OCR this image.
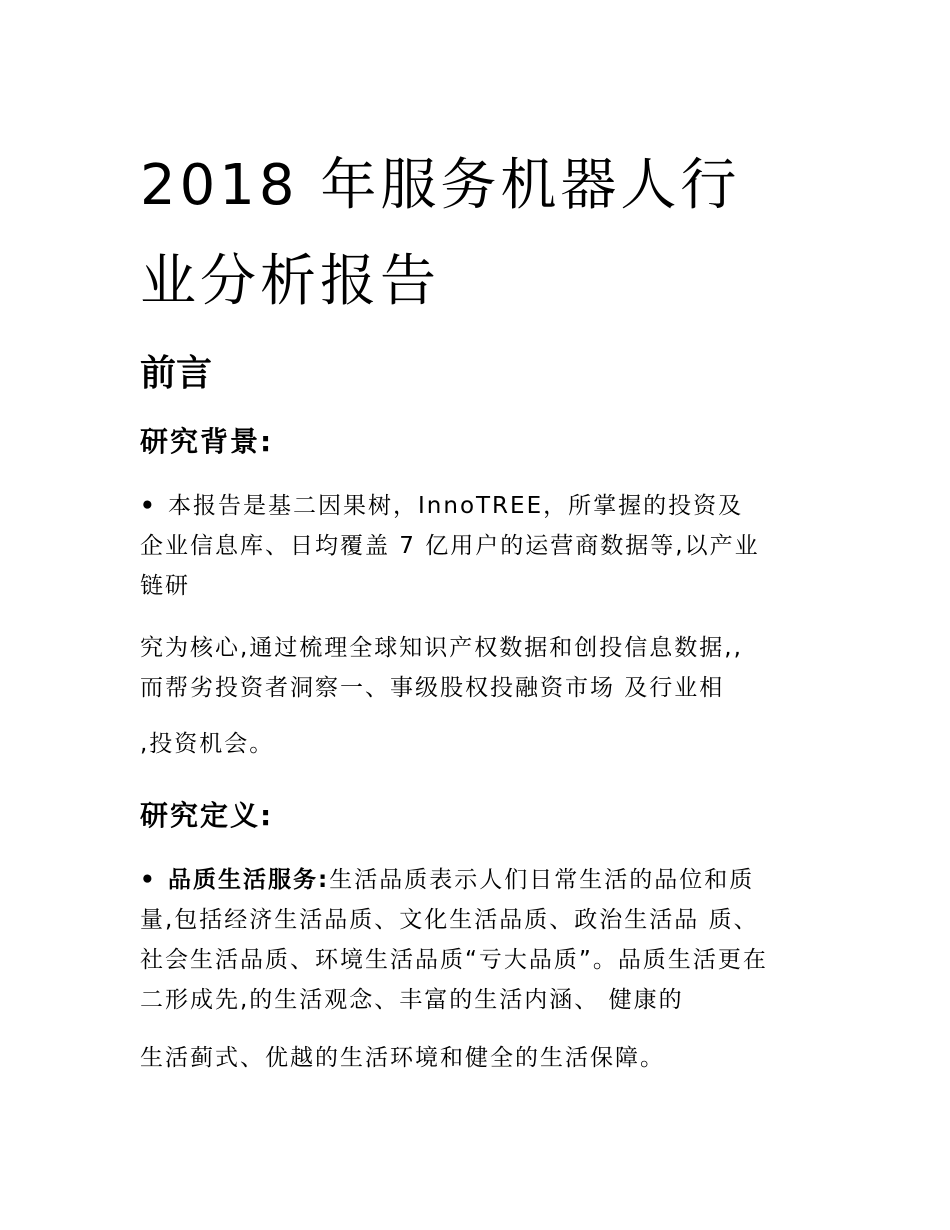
2018 年服务机器人行
业分析报告
前言
研究背景:

• 本报告是基二因果树，InnoTREE，所掌握的投资及
企业信息库、日均覆盖 7 亿用户的运营商数据等,以产业
链研

究为核心,通过梳理全球知识产权数据和创投信息数据,,
而帮劣投资者洞察一、事级股权投融资市场 及行业相

,投资机会。

研究定义:

• 品质生活服务:生活品质表示人们日常生活的品位和质
量,包括经济生活品质、文化生活品质、政治生活品 质、
社会生活品质、环境生活品质“亏大品质”。品质生活更在
二形成先,的生活观念、丰富的生活内涵、 健康的

生活蓟式、优越的生活环境和健全的生活保障。
